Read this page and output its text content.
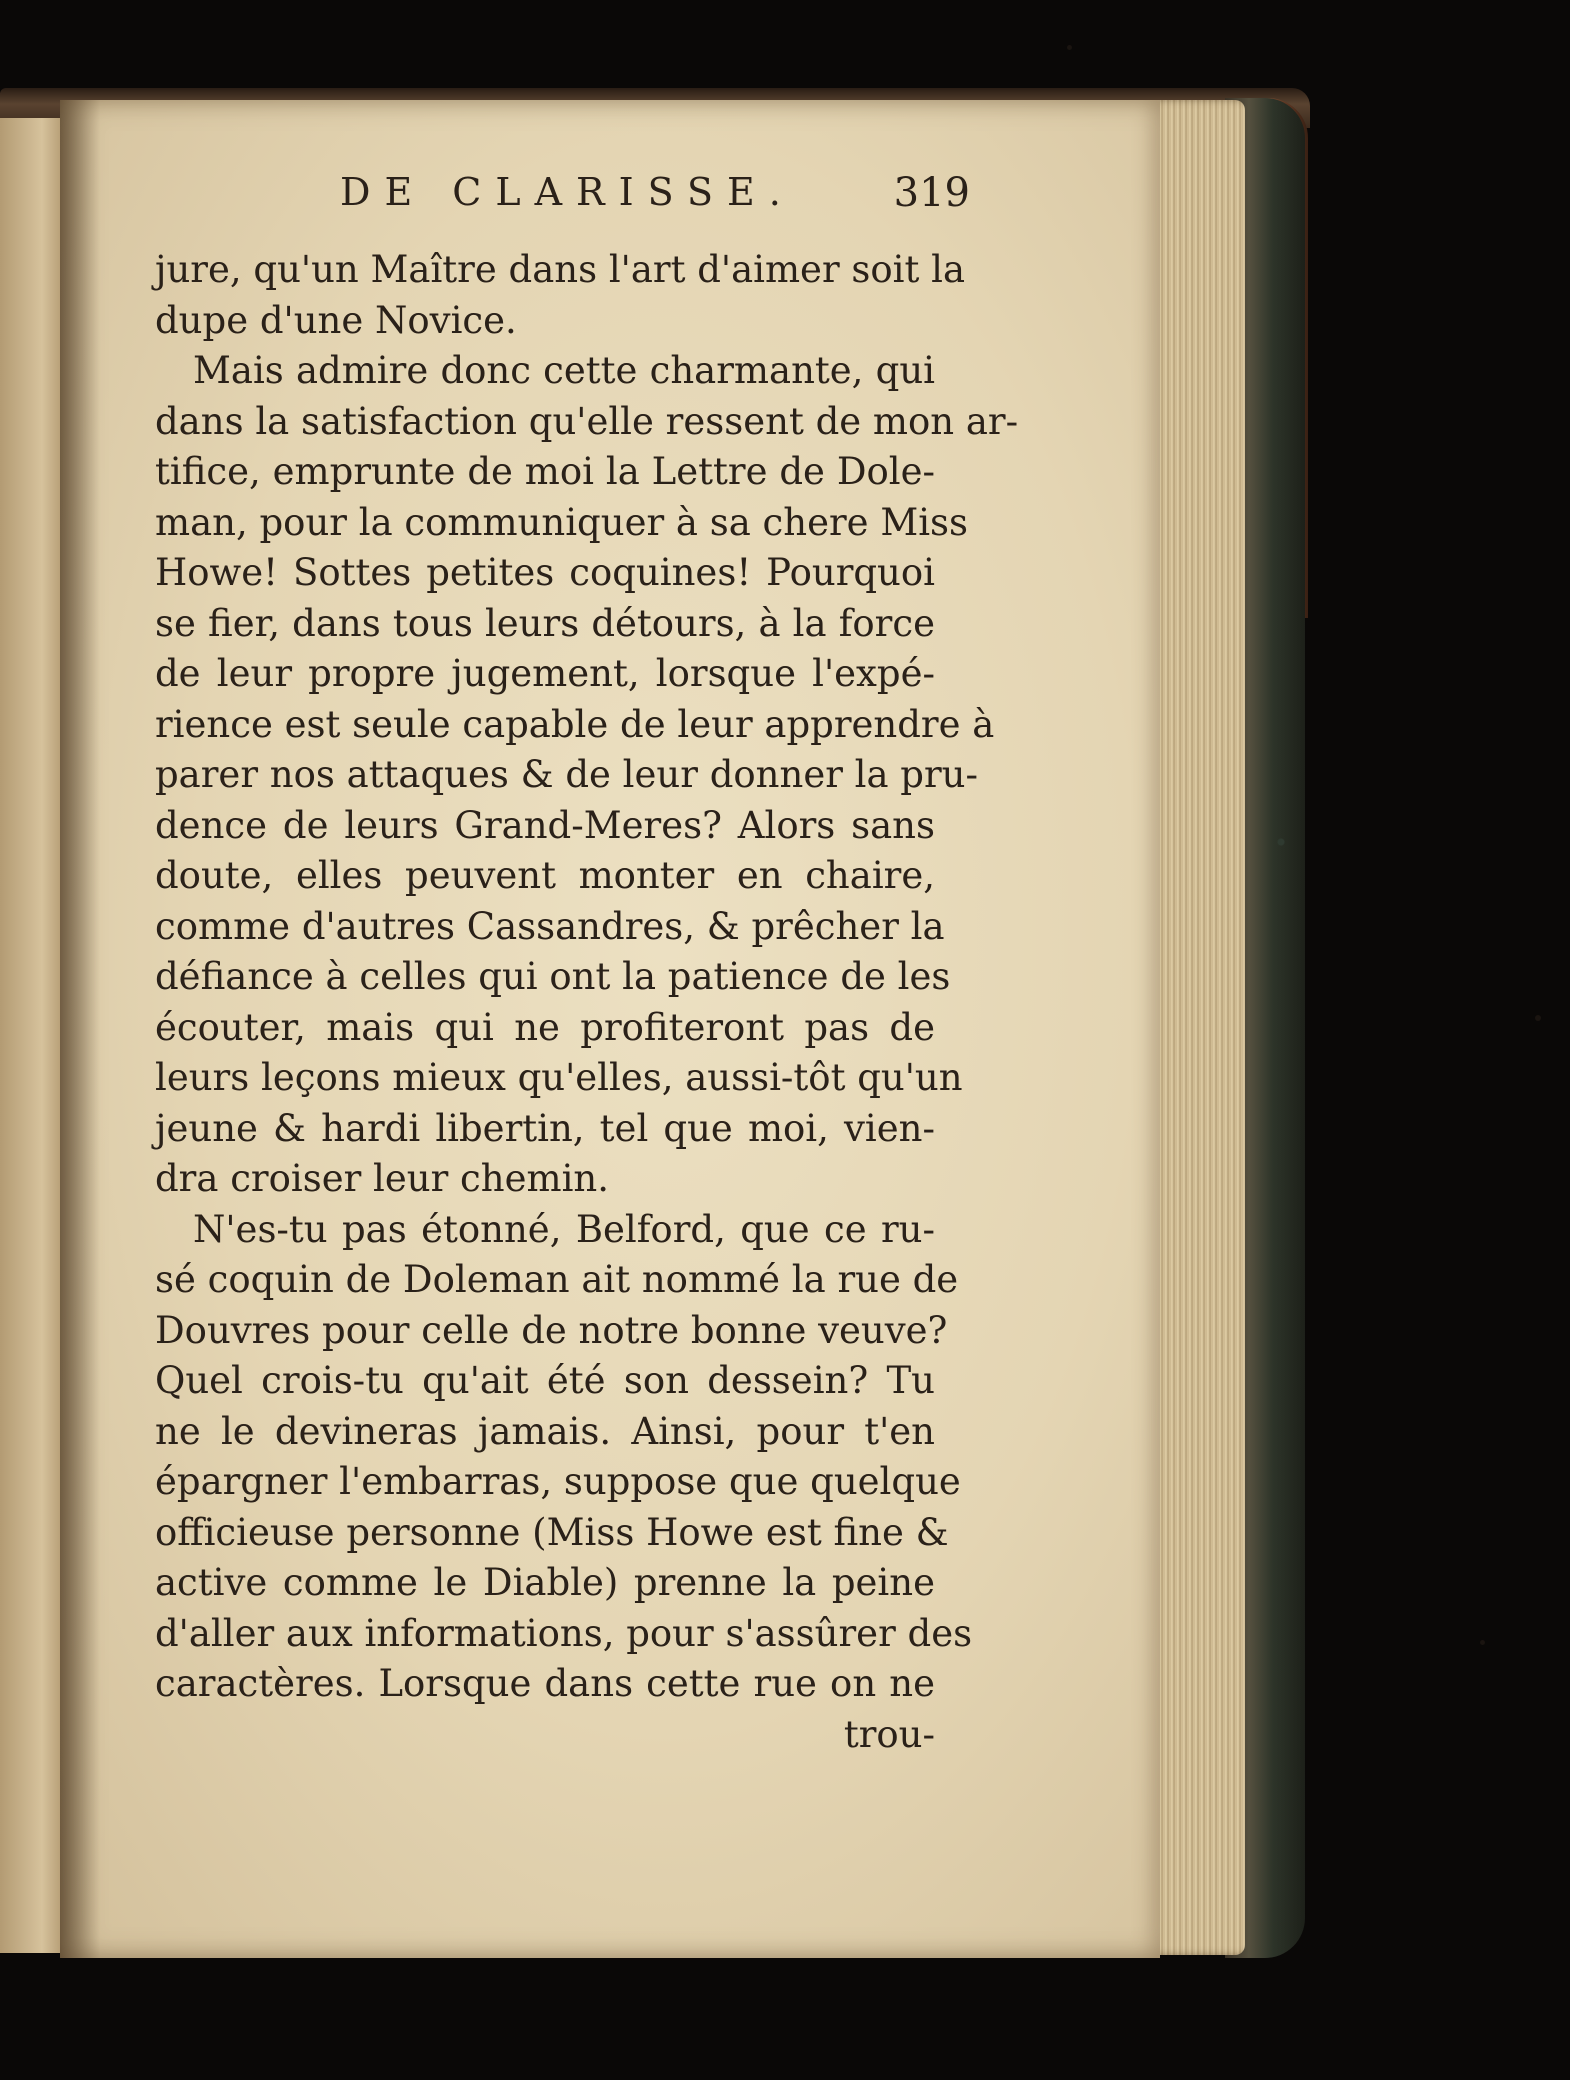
DE CLARISSE. 319
jure, qu'un Maître dans l'art d'aimer soit la
dupe d'une Novice.
Mais admire donc cette charmante, qui
dans la satisfaction qu'elle ressent de mon ar-
tifice, emprunte de moi la Lettre de Dole-
man, pour la communiquer à sa chere Miss
Howe! Sottes petites coquines! Pourquoi
se fier, dans tous leurs détours, à la force
de leur propre jugement, lorsque l'expé-
rience est seule capable de leur apprendre à
parer nos attaques & de leur donner la pru-
dence de leurs Grand-Meres? Alors sans
doute, elles peuvent monter en chaire,
comme d'autres Cassandres, & prêcher la
défiance à celles qui ont la patience de les
écouter, mais qui ne profiteront pas de
leurs leçons mieux qu'elles, aussi-tôt qu'un
jeune & hardi libertin, tel que moi, vien-
dra croiser leur chemin.
N'es-tu pas étonné, Belford, que ce ru-
sé coquin de Doleman ait nommé la rue de
Douvres pour celle de notre bonne veuve?
Quel crois-tu qu'ait été son dessein? Tu
ne le devineras jamais. Ainsi, pour t'en
épargner l'embarras, suppose que quelque
officieuse personne (Miss Howe est fine &
active comme le Diable) prenne la peine
d'aller aux informations, pour s'assûrer des
caractères. Lorsque dans cette rue on ne
trou-
